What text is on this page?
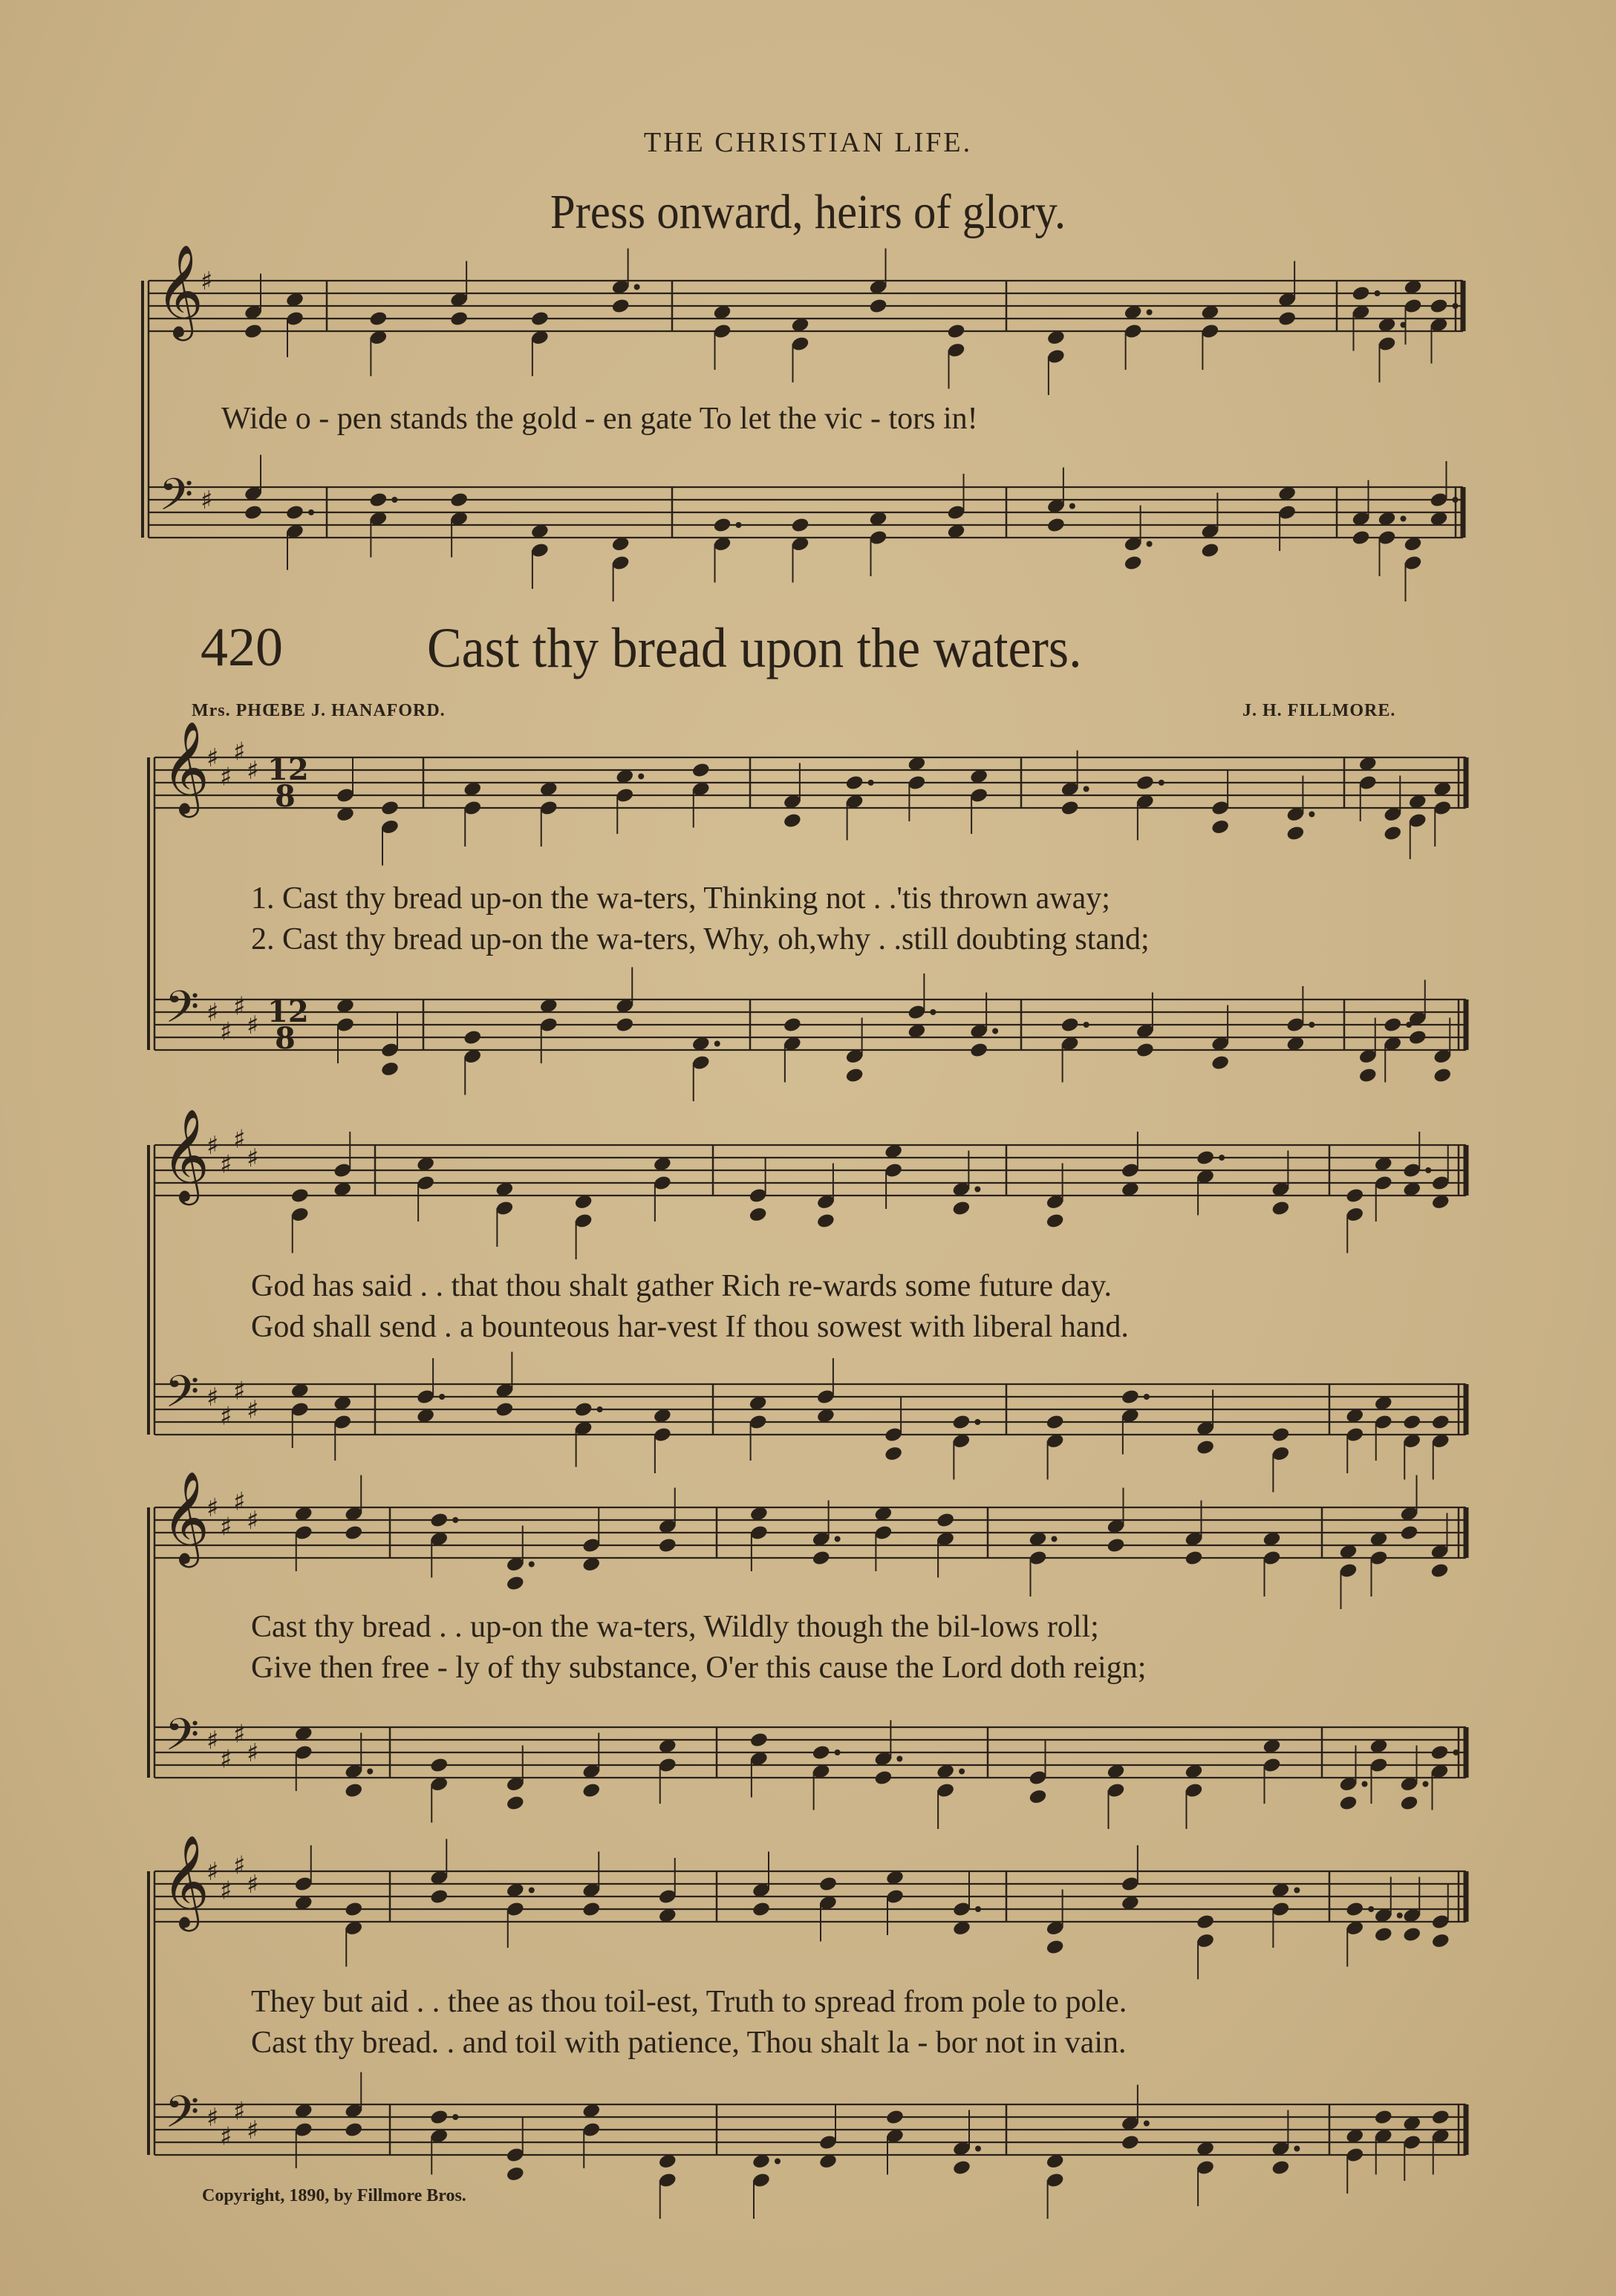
THE CHRISTIAN LIFE.
Press onward, heirs of glory.
Wide o - pen stands the gold - en gate To let the vic - tors in!
420	Cast thy bread upon the waters.
Mrs. PHŒBE J. HANAFORD.	J. H. FILLMORE.
1. Cast thy bread up-on the wa-ters, Thinking not . .'tis thrown away;
2. Cast thy bread up-on the wa-ters, Why, oh,why . .still doubting stand;
God has said . . that thou shalt gather Rich re-wards some future day.
God shall send . a bounteous har-vest If thou sowest with liberal hand.
Cast thy bread . . up-on the wa-ters, Wildly though the bil-lows roll;
Give then free - ly of thy substance, O'er this cause the Lord doth reign;
They but aid . . thee as thou toil-est, Truth to spread from pole to pole.
Cast thy bread. . and toil with patience, Thou shalt la - bor not in vain.
Copyright, 1890, by Fillmore Bros.
𝄞
𝄢
♯
♯
𝄞
𝄢
♯
♯
♯
♯
♯
♯
♯
♯
12
8
12
8
𝄞
𝄢
♯
♯
♯
♯
♯
♯
♯
♯
𝄞
𝄢
♯
♯
♯
♯
♯
♯
♯
♯
𝄞
𝄢
♯
♯
♯
♯
♯
♯
♯
♯
